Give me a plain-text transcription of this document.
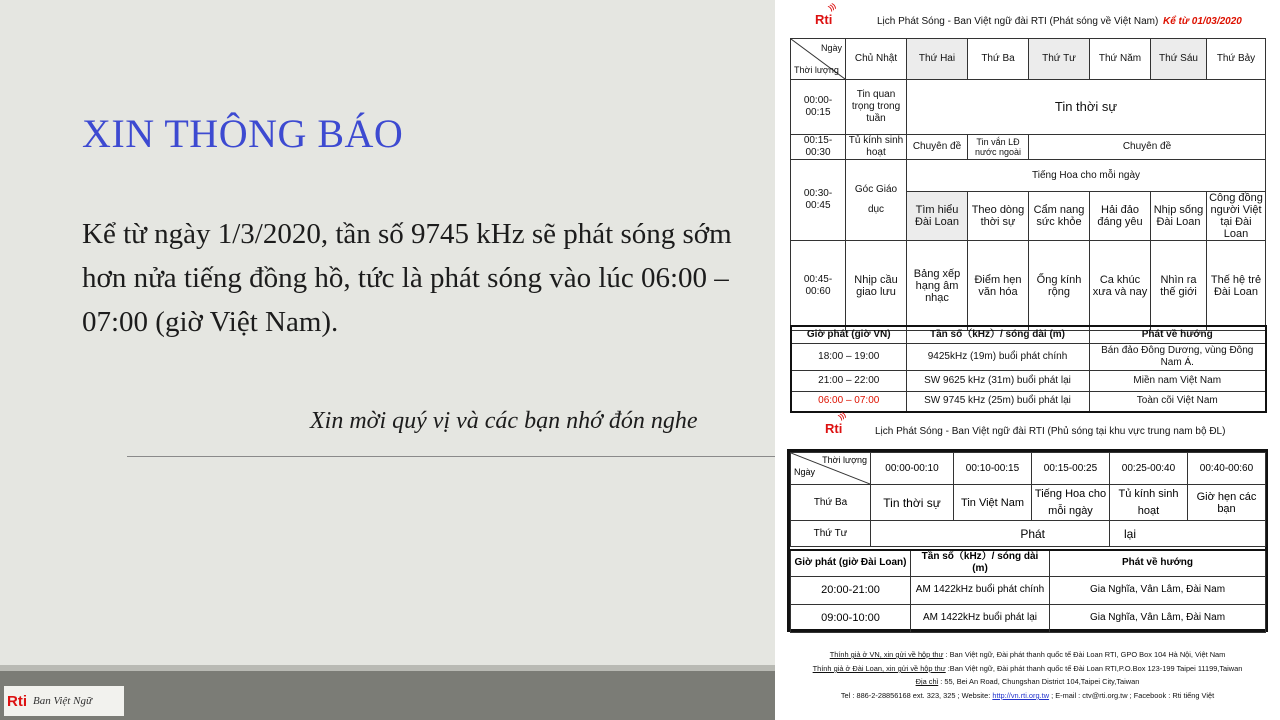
XIN THÔNG BÁO
Kể từ ngày 1/3/2020, tần số 9745 kHz sẽ phát sóng sớm hơn nửa tiếng đồng hồ, tức là phát sóng vào lúc 06:00 – 07:00 (giờ Việt Nam).
Xin mời quý vị và các bạn nhớ đón nghe
Rti Ban Việt Ngữ
Rti )))	Lịch Phát Sóng - Ban Việt ngữ đài RTI (Phát sóng về Việt Nam) Kể từ 01/03/2020
Ngày
Thời lượng	Chủ Nhật	Thứ Hai	Thứ Ba	Thứ Tư	Thứ Năm	Thứ Sáu	Thứ Bảy
00:00-00:15	Tin quan trọng trong tuần	Tin thời sự					
00:15-00:30	Tủ kính sinh hoạt	Chuyên đề	Tin vắn LĐ nước ngoài	Chuyên đề			
00:30-00:45	Góc Giáo dục	Tiếng Hoa cho mỗi ngày					
		Tìm hiểu Đài Loan	Theo dòng thời sự	Cẩm nang sức khỏe	Hải đảo đáng yêu	Nhịp sống Đài Loan	Công đồng người Việt tại Đài Loan

00:45-00:60	Nhịp cầu giao lưu	Bảng xếp hạng âm nhạc	Điểm hẹn văn hóa	Ống kính rộng	Ca khúc xưa và nay	Nhìn ra thế giới	Thế hệ trẻ Đài Loan
Giờ phát (giờ VN)	Tần số（kHz）/ sóng dài (m)	Phát về hướng
18:00 – 19:00	9425kHz (19m) buổi phát chính	Bán đảo Đông Dương, vùng Đông Nam Á.
21:00 – 22:00	SW 9625 kHz (31m) buổi phát lại	Miền nam Việt Nam
06:00 – 07:00	SW 9745 kHz (25m) buổi phát lại	Toàn cõi Việt Nam
Rti )))	Lịch Phát Sóng - Ban Việt ngữ đài RTI (Phủ sóng tại khu vực trung nam bộ ĐL)
Thính giả ở VN, xin gửi về hộp thư : Ban Việt ngữ, Đài phát thanh quốc tế Đài Loan RTI, GPO Box 104 Hà Nội, Việt Nam
Thính giả ở Đài Loan, xin gửi về hộp thư :Ban Việt ngữ, Đài phát thanh quốc tế Đài Loan RTI,P.O.Box 123-199 Taipei 11199,Taiwan
Địa chỉ : 55, Bei An Road, Chungshan District 104,Taipei City,Taiwan
Tel : 886-2-28856168 ext. 323, 325 ; Website: http://vn.rti.org.tw ; E-mail : ctv@rti.org.tw ; Facebook : Rti tiếng Việt
Thời lượng
Ngày	00:00-00:10	00:10-00:15	00:15-00:25	00:25-00:40	00:40-00:60
Thứ Ba	Tin thời sự	Tin Việt Nam	Tiếng Hoa cho mỗi ngày	Tủ kính sinh hoạt	Giờ hẹn các bạn
Thứ Tư	Phát			lại	
Giờ phát (giờ Đài Loan)	Tần số（kHz）/ sóng dài (m)	Phát về hướng
20:00-21:00	AM 1422kHz buổi phát chính	Gia Nghĩa, Vân Lâm, Đài Nam
09:00-10:00	AM 1422kHz buổi phát lại	Gia Nghĩa, Vân Lâm, Đài Nam
